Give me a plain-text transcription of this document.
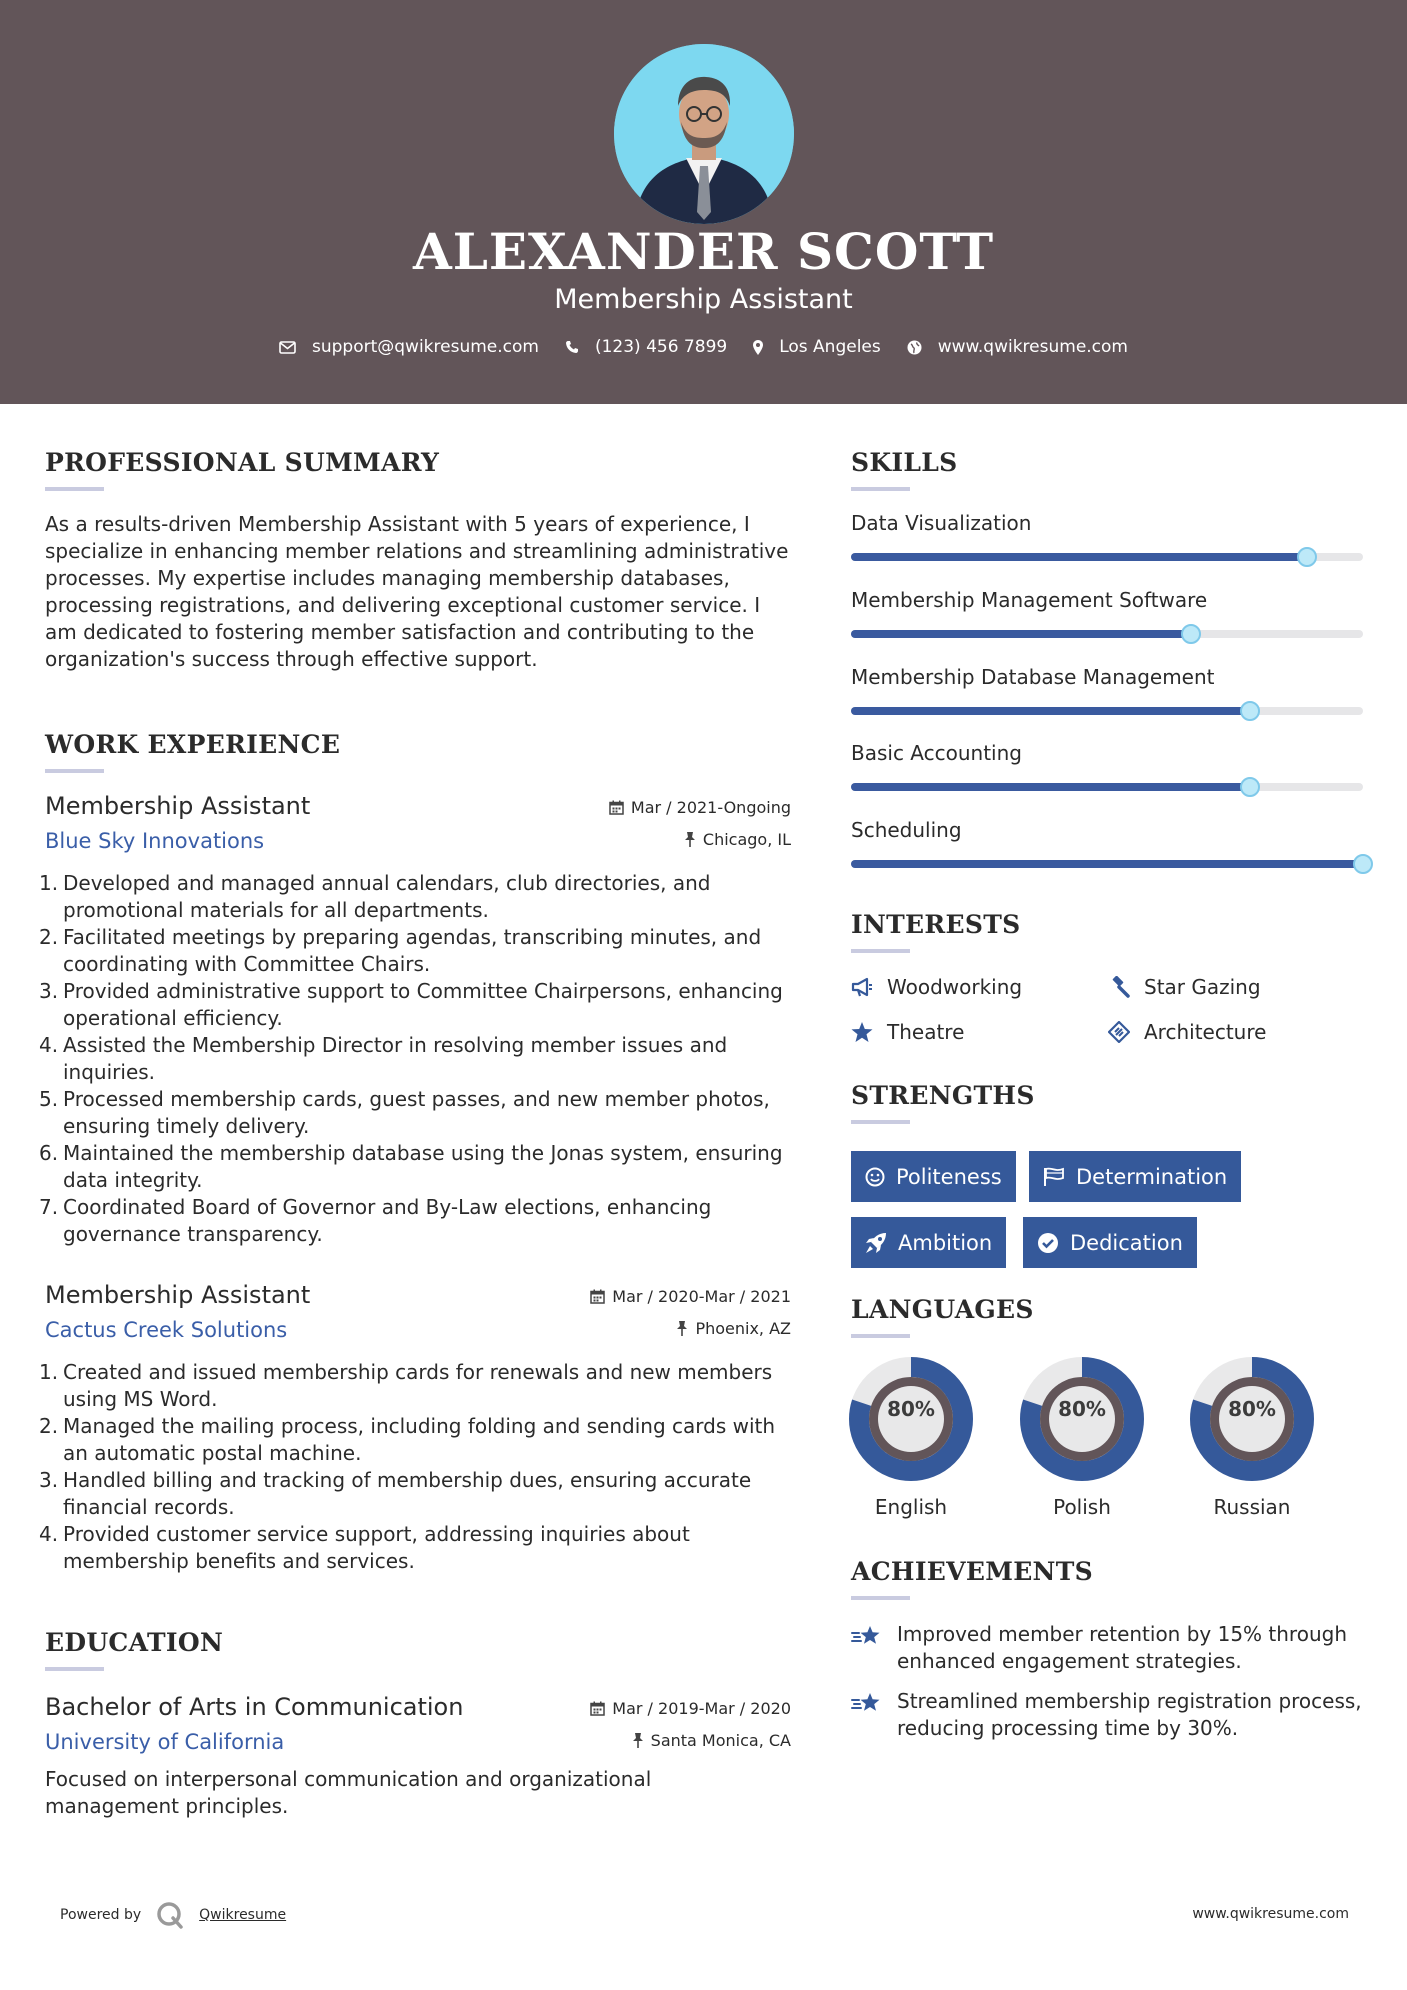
ALEXANDER SCOTT
Membership Assistant
support@qwikresume.com	(123) 456 7899	Los Angeles	www.qwikresume.com
PROFESSIONAL SUMMARY
As a results-driven Membership Assistant with 5 years of experience, I specialize in enhancing member relations and streamlining administrative processes. My expertise includes managing membership databases, processing registrations, and delivering exceptional customer service. I am dedicated to fostering member satisfaction and contributing to the organization's success through effective support.
WORK EXPERIENCE
Membership Assistant
Blue Sky Innovations
Mar / 2021-Ongoing
Chicago, IL
1. Developed and managed annual calendars, club directories, and promotional materials for all departments.
2. Facilitated meetings by preparing agendas, transcribing minutes, and coordinating with Committee Chairs.
3. Provided administrative support to Committee Chairpersons, enhancing operational efficiency.
4. Assisted the Membership Director in resolving member issues and inquiries.
5. Processed membership cards, guest passes, and new member photos, ensuring timely delivery.
6. Maintained the membership database using the Jonas system, ensuring data integrity.
7. Coordinated Board of Governor and By-Law elections, enhancing governance transparency.
Membership Assistant
Cactus Creek Solutions
Mar / 2020-Mar / 2021
Phoenix, AZ
1. Created and issued membership cards for renewals and new members using MS Word.
2. Managed the mailing process, including folding and sending cards with an automatic postal machine.
3. Handled billing and tracking of membership dues, ensuring accurate financial records.
4. Provided customer service support, addressing inquiries about membership benefits and services.
EDUCATION
Bachelor of Arts in Communication
University of California
Mar / 2019-Mar / 2020
Santa Monica, CA
Focused on interpersonal communication and organizational management principles.
SKILLS
Data Visualization
Membership Management Software
Membership Database Management
Basic Accounting
Scheduling
INTERESTS
Woodworking	Star Gazing
Theatre	Architecture
STRENGTHS
Politeness	Determination
Ambition	Dedication
LANGUAGES
80%
English
80%
Polish
80%
Russian
ACHIEVEMENTS
Improved member retention by 15% through enhanced engagement strategies.
Streamlined membership registration process, reducing processing time by 30%.
Powered by	Qwikresume	www.qwikresume.com
